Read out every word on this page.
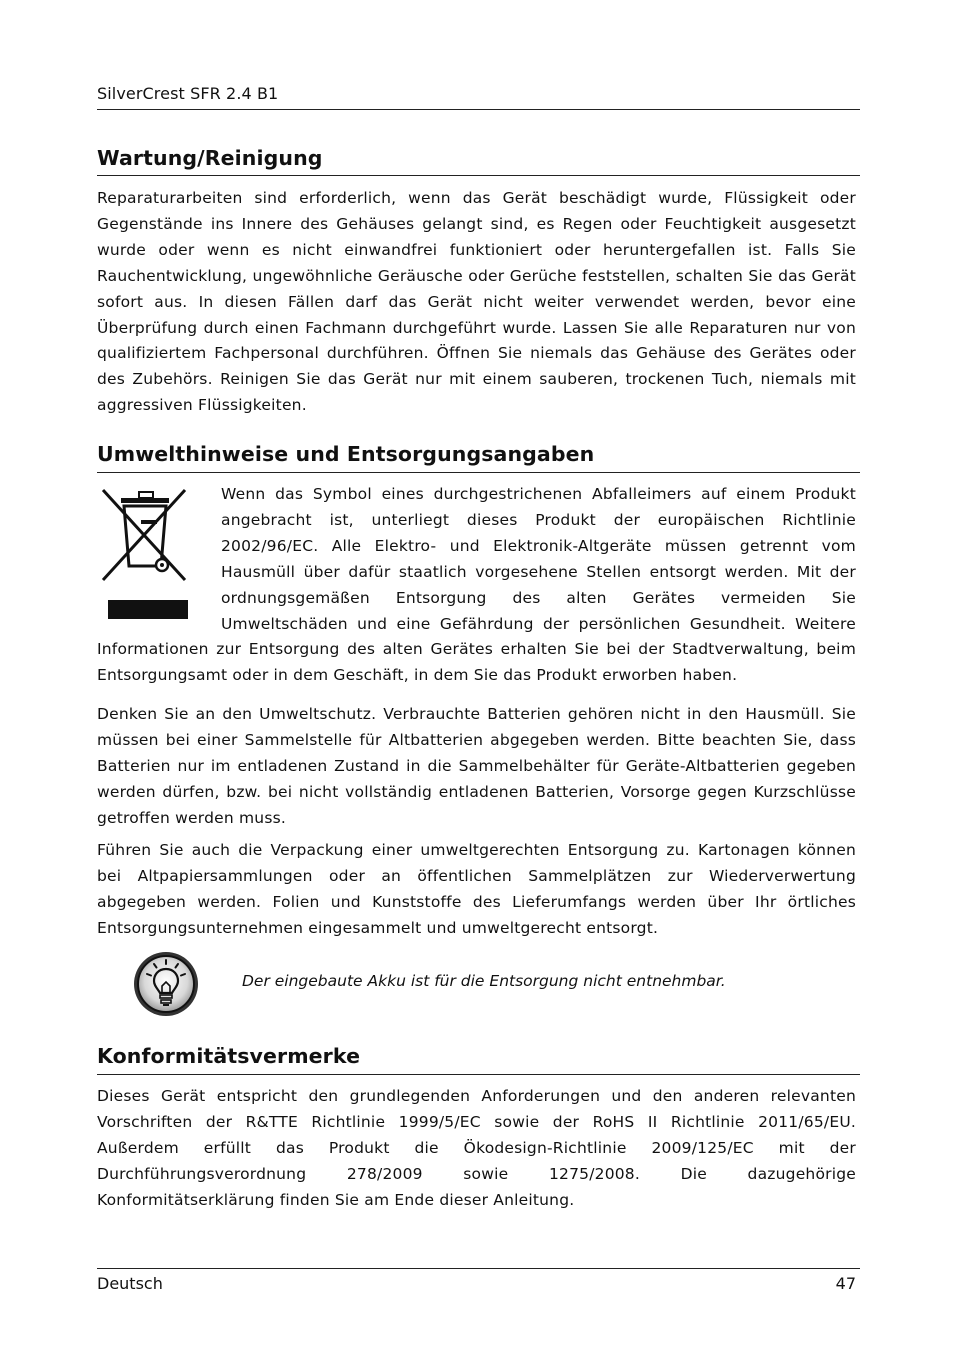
SilverCrest SFR 2.4 B1
Wartung/Reinigung

Reparaturarbeiten sind erforderlich, wenn das Gerät beschädigt wurde, Flüssigkeit oder Gegenstände ins Innere des Gehäuses gelangt sind, es Regen oder Feuchtigkeit ausgesetzt wurde oder wenn es nicht einwandfrei funktioniert oder heruntergefallen ist. Falls Sie Rauchentwicklung, ungewöhnliche Geräusche oder Gerüche feststellen, schalten Sie das Gerät sofort aus. In diesen Fällen darf das Gerät nicht weiter verwendet werden, bevor eine Überprüfung durch einen Fachmann durchgeführt wurde. Lassen Sie alle Reparaturen nur von qualifiziertem Fachpersonal durchführen. Öffnen Sie niemals das Gehäuse des Gerätes oder des Zubehörs. Reinigen Sie das Gerät nur mit einem sauberen, trockenen Tuch, niemals mit aggressiven Flüssigkeiten.

Umwelthinweise und Entsorgungsangaben
Wenn das Symbol eines durchgestrichenen Abfalleimers auf einem Produkt angebracht ist, unterliegt dieses Produkt der europäischen Richtlinie 2002/96/EC. Alle Elektro- und Elektronik-Altgeräte müssen getrennt vom Hausmüll über dafür staatlich vorgesehene Stellen entsorgt werden. Mit der ordnungsgemäßen Entsorgung des alten Gerätes vermeiden Sie Umweltschäden und eine Gefährdung der persönlichen Gesundheit. Weitere Informationen zur Entsorgung des alten Gerätes erhalten Sie bei der Stadtverwaltung, beim Entsorgungsamt oder in dem Geschäft, in dem Sie das Produkt erworben haben.

Denken Sie an den Umweltschutz. Verbrauchte Batterien gehören nicht in den Hausmüll. Sie müssen bei einer Sammelstelle für Altbatterien abgegeben werden. Bitte beachten Sie, dass Batterien nur im entladenen Zustand in die Sammelbehälter für Geräte-Altbatterien gegeben werden dürfen, bzw. bei nicht vollständig entladenen Batterien, Vorsorge gegen Kurzschlüsse getroffen werden muss.

Führen Sie auch die Verpackung einer umweltgerechten Entsorgung zu. Kartonagen können bei Altpapiersammlungen oder an öffentlichen Sammelplätzen zur Wiederverwertung abgegeben werden. Folien und Kunststoffe des Lieferumfangs werden über Ihr örtliches Entsorgungsunternehmen eingesammelt und umweltgerecht entsorgt.

Der eingebaute Akku ist für die Entsorgung nicht entnehmbar.
Konformitätsvermerke

Dieses Gerät entspricht den grundlegenden Anforderungen und den anderen relevanten Vorschriften der R&TTE Richtlinie 1999/5/EC sowie der RoHS II Richtlinie 2011/65/EU. Außerdem erfüllt das Produkt die Ökodesign-Richtlinie 2009/125/EC mit der Durchführungsverordnung 278/2009 sowie 1275/2008. Die dazugehörige Konformitätserklärung finden Sie am Ende dieser Anleitung.

Deutsch	47
